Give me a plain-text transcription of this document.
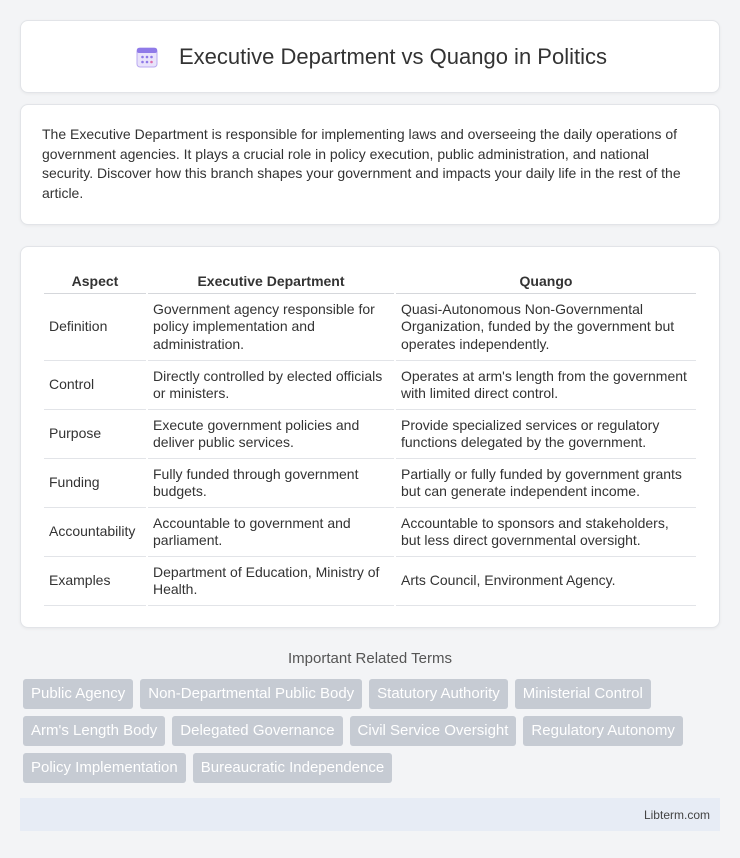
Executive Department vs Quango in Politics

The Executive Department is responsible for implementing laws and overseeing the daily operations of government agencies. It plays a crucial role in policy execution, public administration, and national security. Discover how this branch shapes your government and impacts your daily life in the rest of the article.

Aspect	Executive Department	Quango
Definition	Government agency responsible for policy implementation and administration.	Quasi-Autonomous Non-Governmental Organization, funded by the government but operates independently.
Control	Directly controlled by elected officials or ministers.	Operates at arm's length from the government with limited direct control.
Purpose	Execute government policies and deliver public services.	Provide specialized services or regulatory functions delegated by the government.
Funding	Fully funded through government budgets.	Partially or fully funded by government grants but can generate independent income.
Accountability	Accountable to government and parliament.	Accountable to sponsors and stakeholders, but less direct governmental oversight.
Examples	Department of Education, Ministry of Health.	Arts Council, Environment Agency.
Important Related Terms
Public Agency	Non-Departmental Public Body	Statutory Authority	Ministerial Control
Arm's Length Body	Delegated Governance	Civil Service Oversight	Regulatory Autonomy
Policy Implementation	Bureaucratic Independence
Libterm.com
